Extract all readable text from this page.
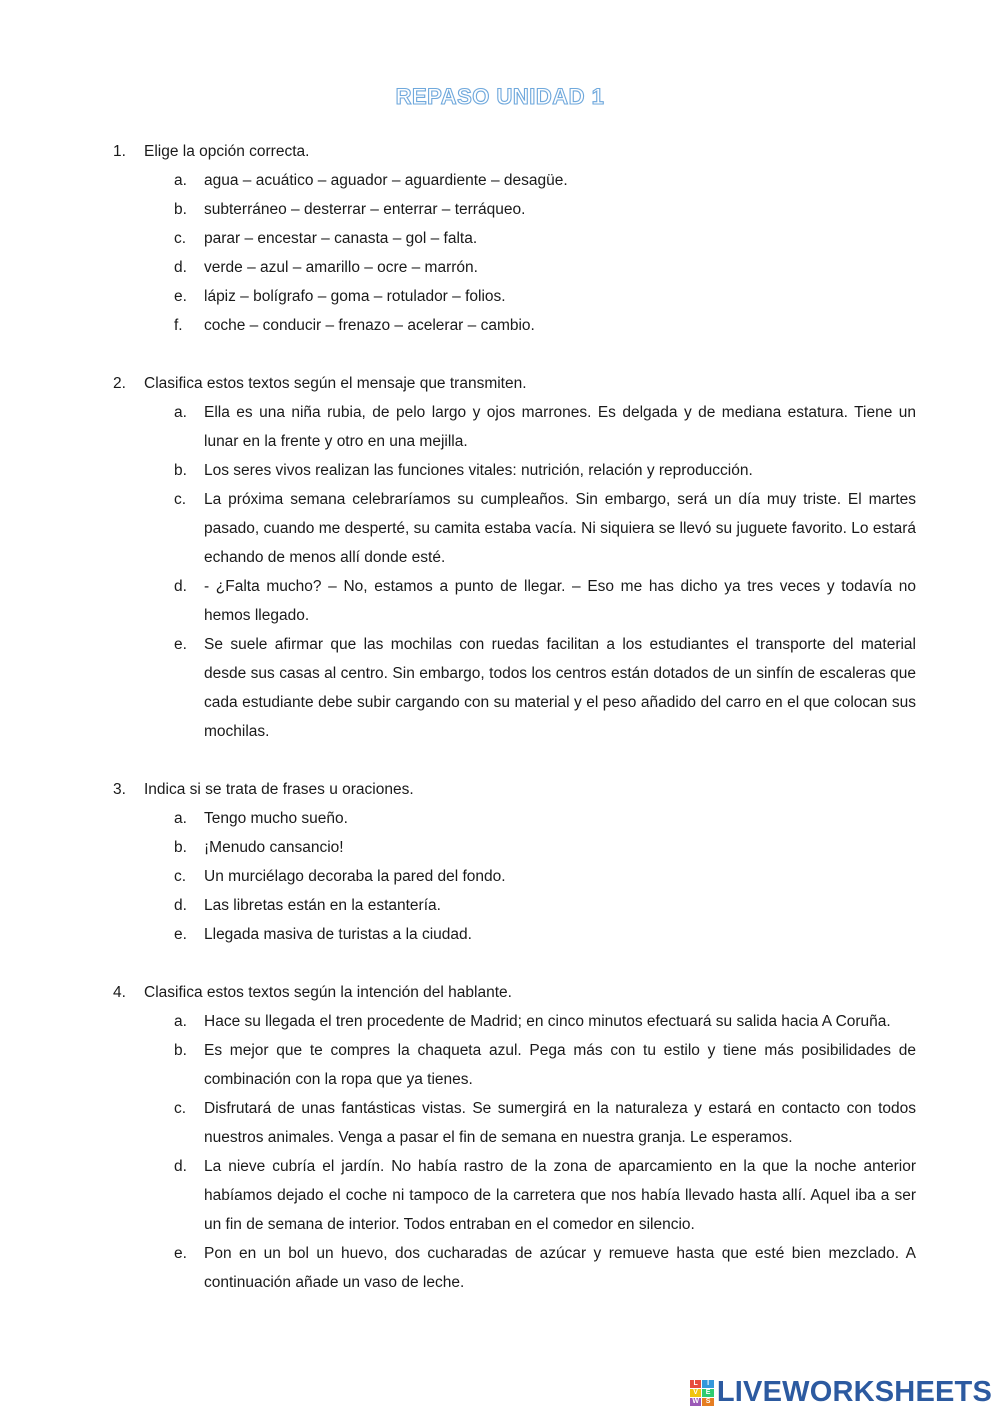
REPASO UNIDAD 1
1.	Elige la opción correcta.
a.	agua – acuático – aguador – aguardiente – desagüe.
b.	subterráneo – desterrar – enterrar – terráqueo.
c.	parar – encestar – canasta – gol – falta.
d.	verde – azul – amarillo – ocre – marrón.
e.	lápiz – bolígrafo – goma – rotulador – folios.
f.	coche – conducir – frenazo – acelerar – cambio.
2.	Clasifica estos textos según el mensaje que transmiten.
a.	Ella es una niña rubia, de pelo largo y ojos marrones. Es delgada y de mediana estatura. Tiene un lunar en la frente y otro en una mejilla.
b.	Los seres vivos realizan las funciones vitales: nutrición, relación y reproducción.
c.	La próxima semana celebraríamos su cumpleaños. Sin embargo, será un día muy triste. El martes pasado, cuando me desperté, su camita estaba vacía. Ni siquiera se llevó su juguete favorito. Lo estará echando de menos allí donde esté.
d.	- ¿Falta mucho? – No, estamos a punto de llegar. – Eso me has dicho ya tres veces y todavía no hemos llegado.
e.	Se suele afirmar que las mochilas con ruedas facilitan a los estudiantes el transporte del material desde sus casas al centro. Sin embargo, todos los centros están dotados de un sinfín de escaleras que cada estudiante debe subir cargando con su material y el peso añadido del carro en el que colocan sus mochilas.
3.	Indica si se trata de frases u oraciones.
a.	Tengo mucho sueño.
b.	¡Menudo cansancio!
c.	Un murciélago decoraba la pared del fondo.
d.	Las libretas están en la estantería.
e.	Llegada masiva de turistas a la ciudad.
4.	Clasifica estos textos según la intención del hablante.
a.	Hace su llegada el tren procedente de Madrid; en cinco minutos efectuará su salida hacia A Coruña.
b.	Es mejor que te compres la chaqueta azul. Pega más con tu estilo y tiene más posibilidades de combinación con la ropa que ya tienes.
c.	Disfrutará de unas fantásticas vistas. Se sumergirá en la naturaleza y estará en contacto con todos nuestros animales. Venga a pasar el fin de semana en nuestra granja. Le esperamos.
d.	La nieve cubría el jardín. No había rastro de la zona de aparcamiento en la que la noche anterior habíamos dejado el coche ni tampoco de la carretera que nos había llevado hasta allí. Aquel iba a ser un fin de semana de interior. Todos entraban en el comedor en silencio.
e.	Pon en un bol un huevo, dos cucharadas de azúcar y remueve hasta que esté bien mezclado. A continuación añade un vaso de leche.
L	I
V	E
W S LIVEWORKSHEETS
